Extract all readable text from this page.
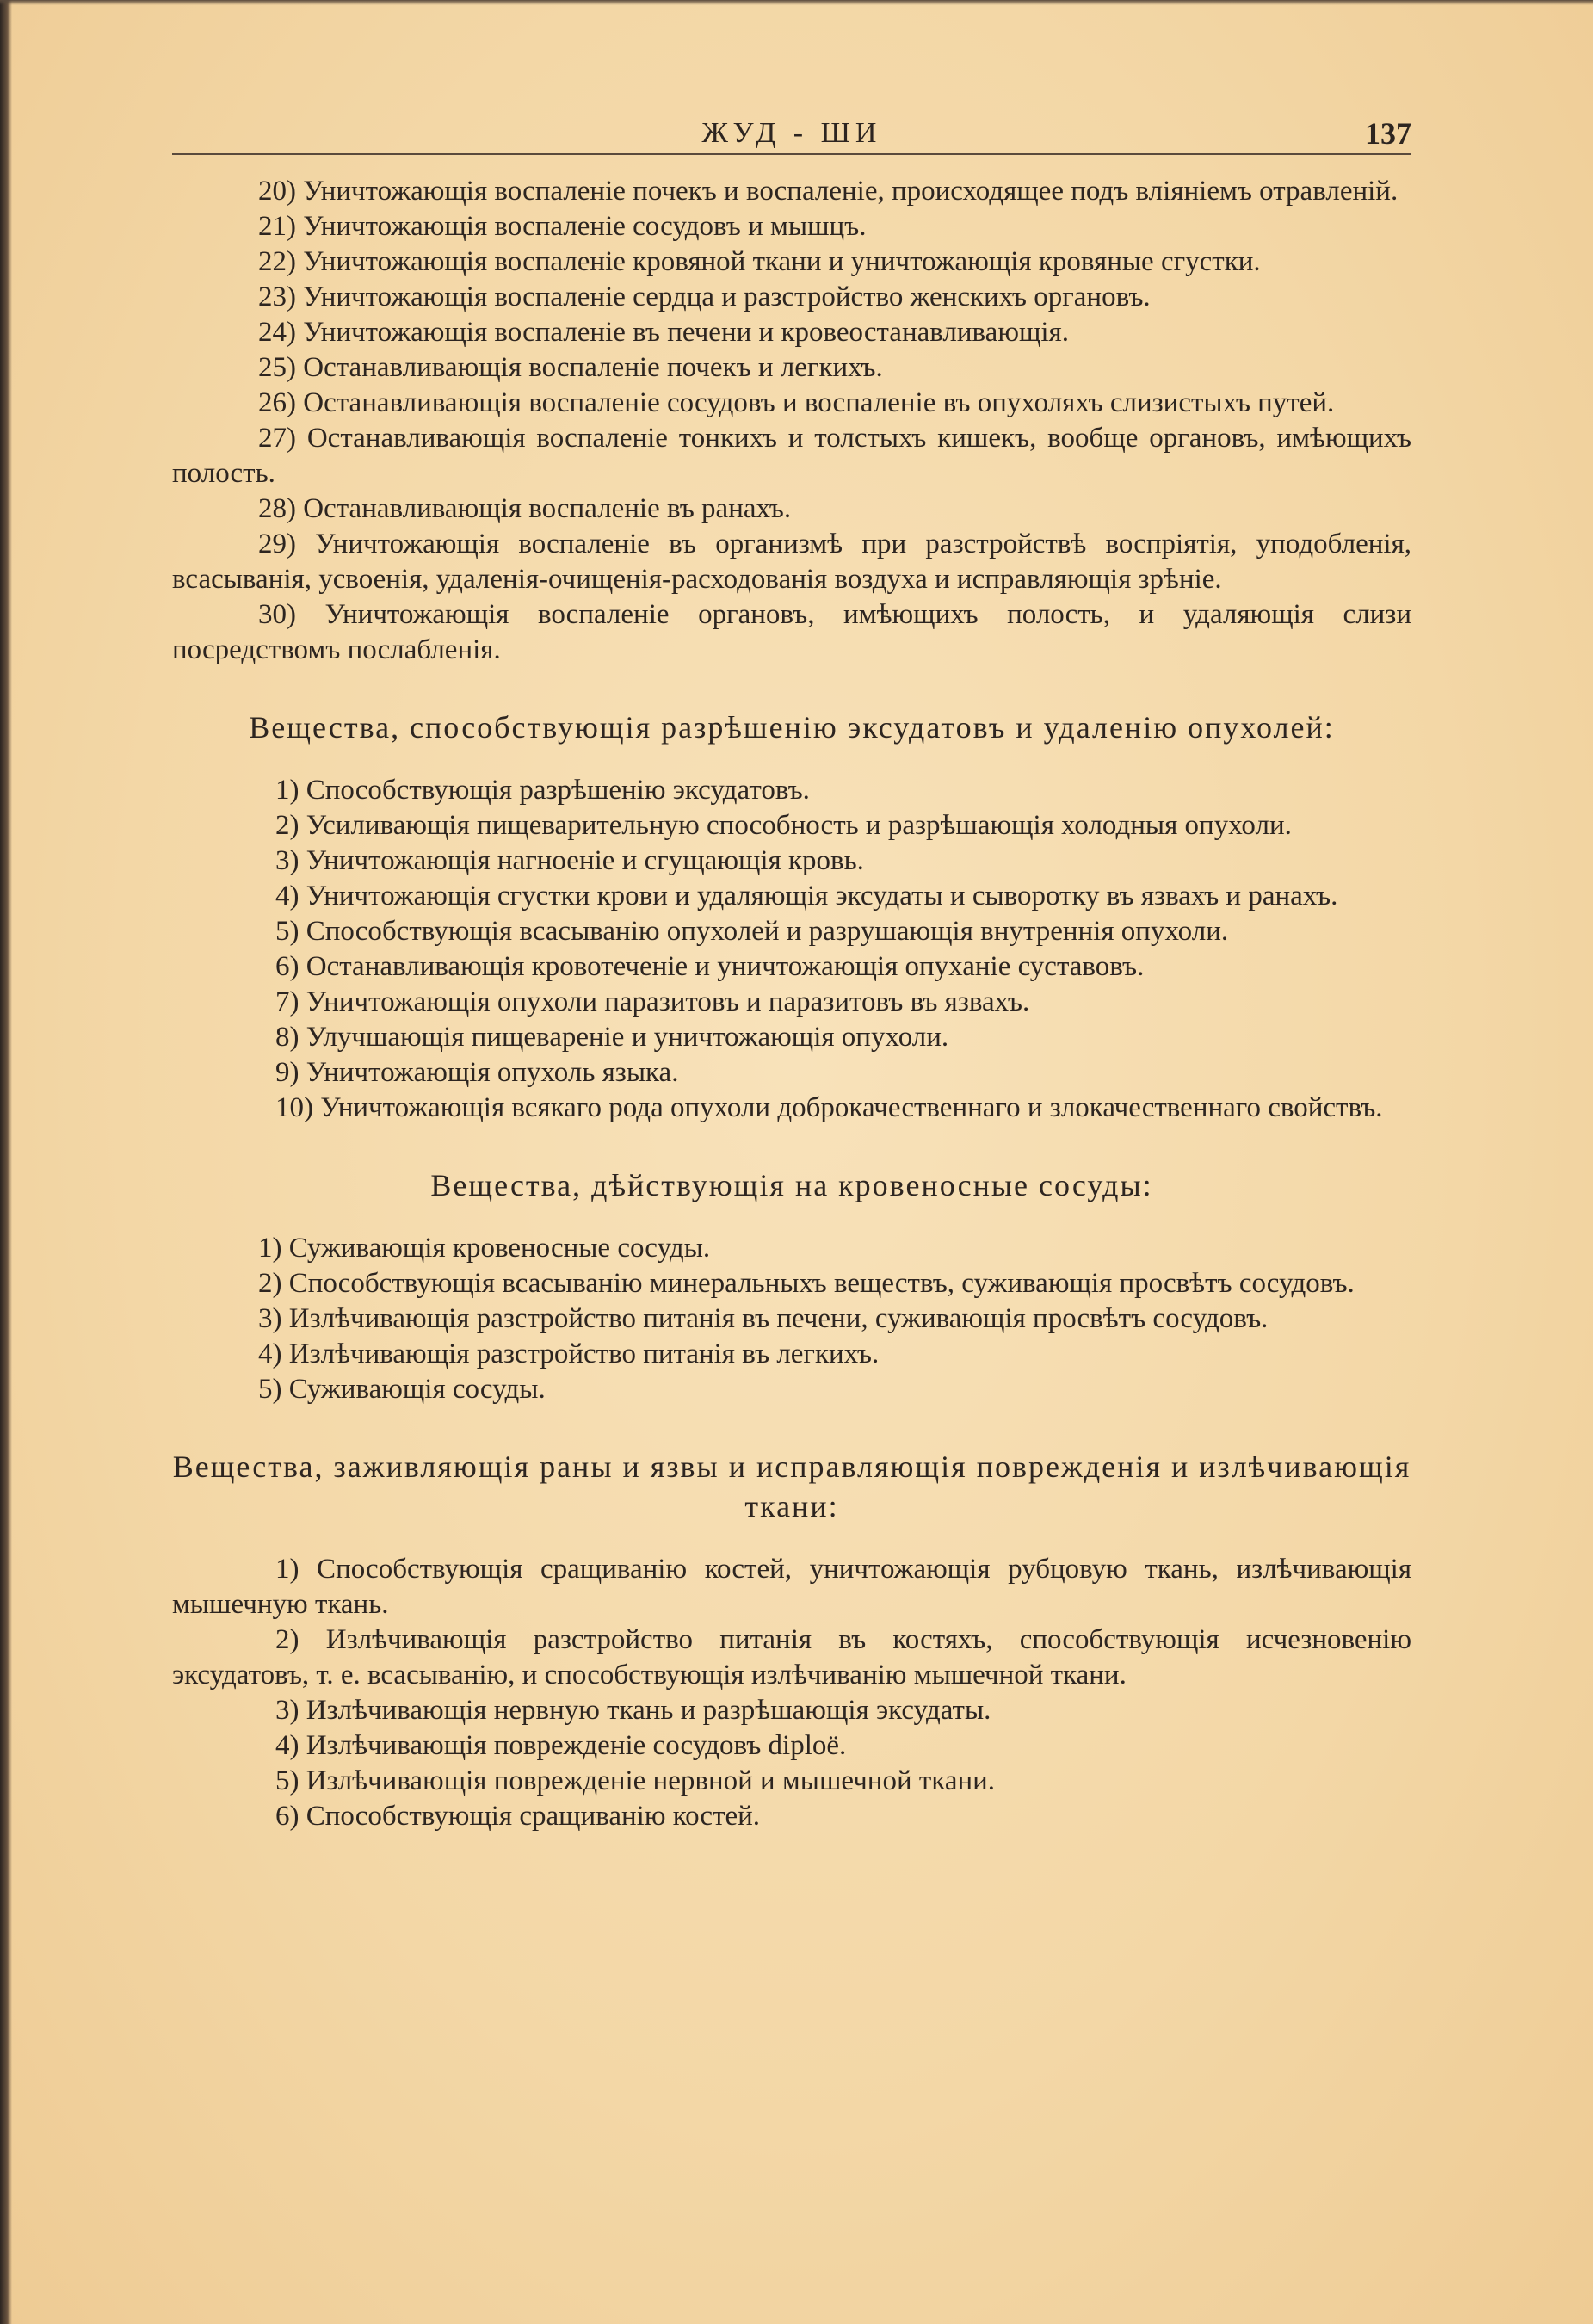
ЖУД - ШИ	137

20) Уничтожающія воспаленіе почекъ и воспаленіе, происходящее подъ вліяніемъ отравленій.

21) Уничтожающія воспаленіе сосудовъ и мышцъ.

22) Уничтожающія воспаленіе кровяной ткани и уничтожающія кровяные сгустки.

23) Уничтожающія воспаленіе сердца и разстройство женскихъ органовъ.

24) Уничтожающія воспаленіе въ печени и кровеостанавливающія.

25) Останавливающія воспаленіе почекъ и легкихъ.

26) Останавливающія воспаленіе сосудовъ и воспаленіе въ опухоляхъ слизистыхъ путей.

27) Останавливающія воспаленіе тонкихъ и толстыхъ кишекъ, вообще органовъ, имѣющихъ полость.

28) Останавливающія воспаленіе въ ранахъ.

29) Уничтожающія воспаленіе въ организмѣ при разстройствѣ воспріятія, уподобленія, всасыванія, усвоенія, удаленія-очищенія-расходованія воздуха и исправляющія зрѣніе.

30) Уничтожающія воспаленіе органовъ, имѣющихъ полость, и удаляющія слизи посредствомъ послабленія.

Вещества, способствующія разрѣшенію эксудатовъ и удаленію опухолей:

1) Способствующія разрѣшенію эксудатовъ.

2) Усиливающія пищеварительную способность и разрѣшающія холодныя опухоли.

3) Уничтожающія нагноеніе и сгущающія кровь.

4) Уничтожающія сгустки крови и удаляющія эксудаты и сыворотку въ язвахъ и ранахъ.

5) Способствующія всасыванію опухолей и разрушающія внутреннія опухоли.

6) Останавливающія кровотеченіе и уничтожающія опуханіе суставовъ.

7) Уничтожающія опухоли паразитовъ и паразитовъ въ язвахъ.

8) Улучшающія пищевареніе и уничтожающія опухоли.

9) Уничтожающія опухоль языка.

10) Уничтожающія всякаго рода опухоли доброкачественнаго и злокачественнаго свойствъ.

Вещества, дѣйствующія на кровеносные сосуды:

1) Суживающія кровеносные сосуды.

2) Способствующія всасыванію минеральныхъ веществъ, суживающія просвѣтъ сосудовъ.

3) Излѣчивающія разстройство питанія въ печени, суживающія просвѣтъ сосудовъ.

4) Излѣчивающія разстройство питанія въ легкихъ.

5) Суживающія сосуды.

Вещества, заживляющія раны и язвы и исправляющія поврежденія и излѣчивающія ткани:

1) Способствующія сращиванію костей, уничтожающія рубцовую ткань, излѣчивающія мышечную ткань.

2) Излѣчивающія разстройство питанія въ костяхъ, способствующія исчезновенію эксудатовъ, т. е. всасыванію, и способствующія излѣчиванію мышечной ткани.

3) Излѣчивающія нервную ткань и разрѣшающія эксудаты.

4) Излѣчивающія поврежденіе сосудовъ diploё.

5) Излѣчивающія поврежденіе нервной и мышечной ткани.

6) Способствующія сращиванію костей.
